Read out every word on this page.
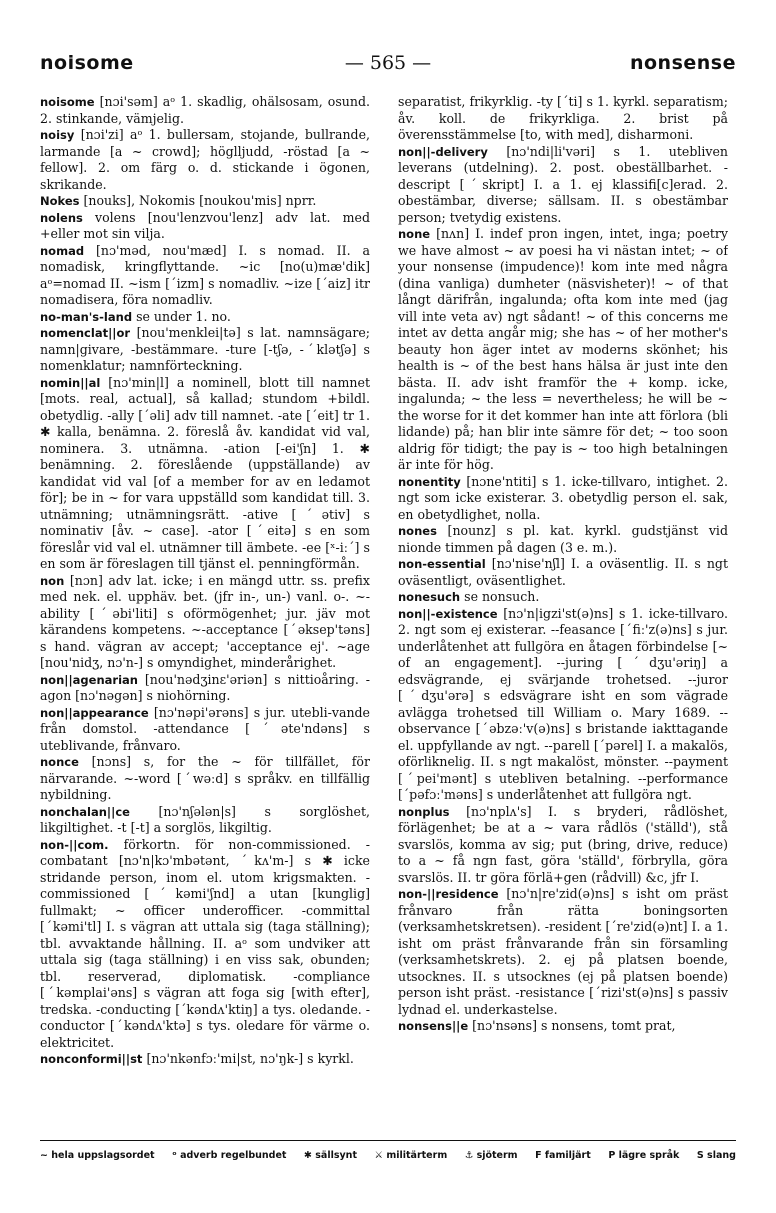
noisome	— 565 —	nonsense

noisome [nɔi'səm] aᵒ 1. skadlig, ohälsosam, osund. 2. stinkande, vämjelig.

noisy [nɔi'zi] aᵒ 1. bullersam, stojande, bullrande, larmande [a ~ crowd]; höglljudd, -röstad [a ~ fellow]. 2. om färg o. d. stickande i ögonen, skrikande.

Nokes [nouks], Nokomis [noukou'mis] nprr.

nolens volens [nou'lenzvou'lenz] adv lat. med +eller mot sin vilja.

nomad [nɔ'məd, nou'mæd] I. s nomad. II. a nomadisk, kringflyttande. ~ic [no(u)mæ'dik] aᵒ=nomad II. ~ism [ˊizm] s nomadliv. ~ize [ˊaiz] itr nomadisera, föra nomadliv.

no-man's-land se under 1. no.

nomenclat||or [nou'menklei|tə] s lat. namnsägare; namn|givare, -bestämmare. -ture [-tʃə, -ˊklətʃə] s nomenklatur; namnförteckning.

nomin||al [nɔ'min|l] a nominell, blott till namnet [mots. real, actual], så kallad; stundom +bildl. obetydlig. -ally [ˊəli] adv till namnet. -ate [ˊeit] tr 1. ✱ kalla, benämna. 2. föreslå åv. kandidat vid val, nominera. 3. utnämna. -ation [-ei'ʃn] 1. ✱ benämning. 2. föreslående (uppställande) av kandidat vid val [of a member for av en ledamot för]; be in ~ for vara uppställd som kandidat till. 3. utnämning; utnämningsrätt. -ative [ˊətiv] s nominativ [åv. ~ case]. -ator [ˊeitə] s en som föreslår vid val el. utnämner till ämbete. -ee [ˣ-iːˊ] s en som är föreslagen till tjänst el. penningförmån.

non [nɔn] adv lat. icke; i en mängd uttr. ss. prefix med nek. el. upphäv. bet. (jfr in-, un-) vanl. o-. ~-ability [ˊəbi'liti] s oförmögenhet; jur. jäv mot kärandens kompetens. ~-acceptance [ˊəksep'təns] s hand. vägran av accept; 'acceptance ej'. ~age [nou'nidʒ, nɔ'n-] s omyndighet, minderårighet.

non||agenarian [nou'nədʒinɛ'əriən] s nittioåring. -agon [nɔ'nəgən] s niohörning.

non||appearance [nɔ'nəpi'ərəns] s jur. utebli-vande från domstol. -attendance [ˊəte'ndəns] s uteblivande, frånvaro.

nonce [nɔns] s, for the ~ för tillfället, för närvarande. ~-word [ˊwəːd] s språkv. en tillfällig nybildning.

nonchalan||ce [nɔ'nʃələn|s] s sorglöshet, likgiltighet. -t [-t] a sorglös, likgiltig.

non-||com. förkortn. för non-commissioned. -combatant [nɔ'n|kɔ'mbətənt, ˊkʌ'm-] s ✱ icke stridande person, inom el. utom krigsmakten. -commissioned [ˊkəmi'ʃnd] a utan [kunglig] fullmakt; ~ officer underofficer. -committal [ˊkəmi'tl] I. s vägran att uttala sig (taga ställning); tbl. avvaktande hållning. II. aᵒ som undviker att uttala sig (taga ställning) i en viss sak, obunden; tbl. reserverad, diplomatisk. -compliance [ˊkəmplai'əns] s vägran att foga sig [with efter], tredska. -conducting [ˊkəndʌ'ktiŋ] a tys. oledande. -conductor [ˊkəndʌ'ktə] s tys. oledare för värme o. elektricitet.

nonconformi||st [nɔ'nkənfɔː'mi|st, nɔ'ŋk-] s kyrkl.

separatist, frikyrklig. -ty [ˊti] s 1. kyrkl. separatism; åv. koll. de frikyrkliga. 2. brist på överensstämmelse [to, with med], disharmoni.

non||-delivery [nɔ'ndi|li'vəri] s 1. utebliven leverans (utdelning). 2. post. obeställbarhet. -descript [ˊskript] I. a 1. ej klassifi[c]erad. 2. obestämbar, diverse; sällsam. II. s obestämbar person; tvetydig existens.

none [nʌn] I. indef pron ingen, intet, inga; poetry we have almost ~ av poesi ha vi nästan intet; ~ of your nonsense (impudence)! kom inte med några (dina vanliga) dumheter (näsvisheter)! ~ of that långt därifrån, ingalunda; ofta kom inte med (jag vill inte veta av) ngt sådant! ~ of this concerns me intet av detta angår mig; she has ~ of her mother's beauty hon äger intet av moderns skönhet; his health is ~ of the best hans hälsa är just inte den bästa. II. adv isht framför the + komp. icke, ingalunda; ~ the less = nevertheless; he will be ~ the worse for it det kommer han inte att förlora (bli lidande) på; han blir inte sämre för det; ~ too soon aldrig för tidigt; the pay is ~ too high betalningen är inte för hög.

nonentity [nɔne'ntiti] s 1. icke-tillvaro, intighet. 2. ngt som icke existerar. 3. obetydlig person el. sak, en obetydlighet, nolla.

nones [nounz] s pl. kat. kyrkl. gudstjänst vid nionde timmen på dagen (3 e. m.).

non-essential [nɔ'nise'nʃl] I. a oväsentlig. II. s ngt oväsentligt, oväsentlighet.

nonesuch se nonsuch.

non||-existence [nɔ'n|igzi'st(ə)ns] s 1. icke-tillvaro. 2. ngt som ej existerar. --feasance [ˊfiː'z(ə)ns] s jur. underlåtenhet att fullgöra en åtagen förbindelse [~ of an engagement]. --juring [ˊdʒu'əriŋ] a edsvägrande, ej svärjande trohetsed. --juror [ˊdʒu'ərə] s edsvägrare isht en som vägrade avlägga trohetsed till William o. Mary 1689. --observance [ˊəbzəː'v(ə)ns] s bristande iakttagande el. uppfyllande av ngt. --parell [ˊpərel] I. a makalös, oförliknelig. II. s ngt makalöst, mönster. --payment [ˊpei'mənt] s utebliven betalning. --performance [ˊpəfɔː'məns] s underlåtenhet att fullgöra ngt.

nonplus [nɔ'nplʌ's] I. s bryderi, rådlöshet, förlägenhet; be at a ~ vara rådlös ('ställd'), stå svarslös, komma av sig; put (bring, drive, reduce) to a ~ få ngn fast, göra 'ställd', förbrylla, göra svarslös. II. tr göra förlä+gen (rådvill) &c, jfr I.

non-||residence [nɔ'n|re'zid(ə)ns] s isht om präst frånvaro från rätta boningsorten (verksamhetskretsen). -resident [ˊre'zid(ə)nt] I. a 1. isht om präst frånvarande från sin församling (verksamhetskrets). 2. ej på platsen boende, utsocknes. II. s utsocknes (ej på platsen boende) person isht präst. -resistance [ˊrizi'st(ə)ns] s passiv lydnad el. underkastelse.

nonsens||e [nɔ'nsəns] s nonsens, tomt prat,

~ hela uppslagsordet ᵒ adverb regelbundet ✱ sällsynt ⚔ militärterm ⚓ sjöterm F familjärt P lägre språk S slang
